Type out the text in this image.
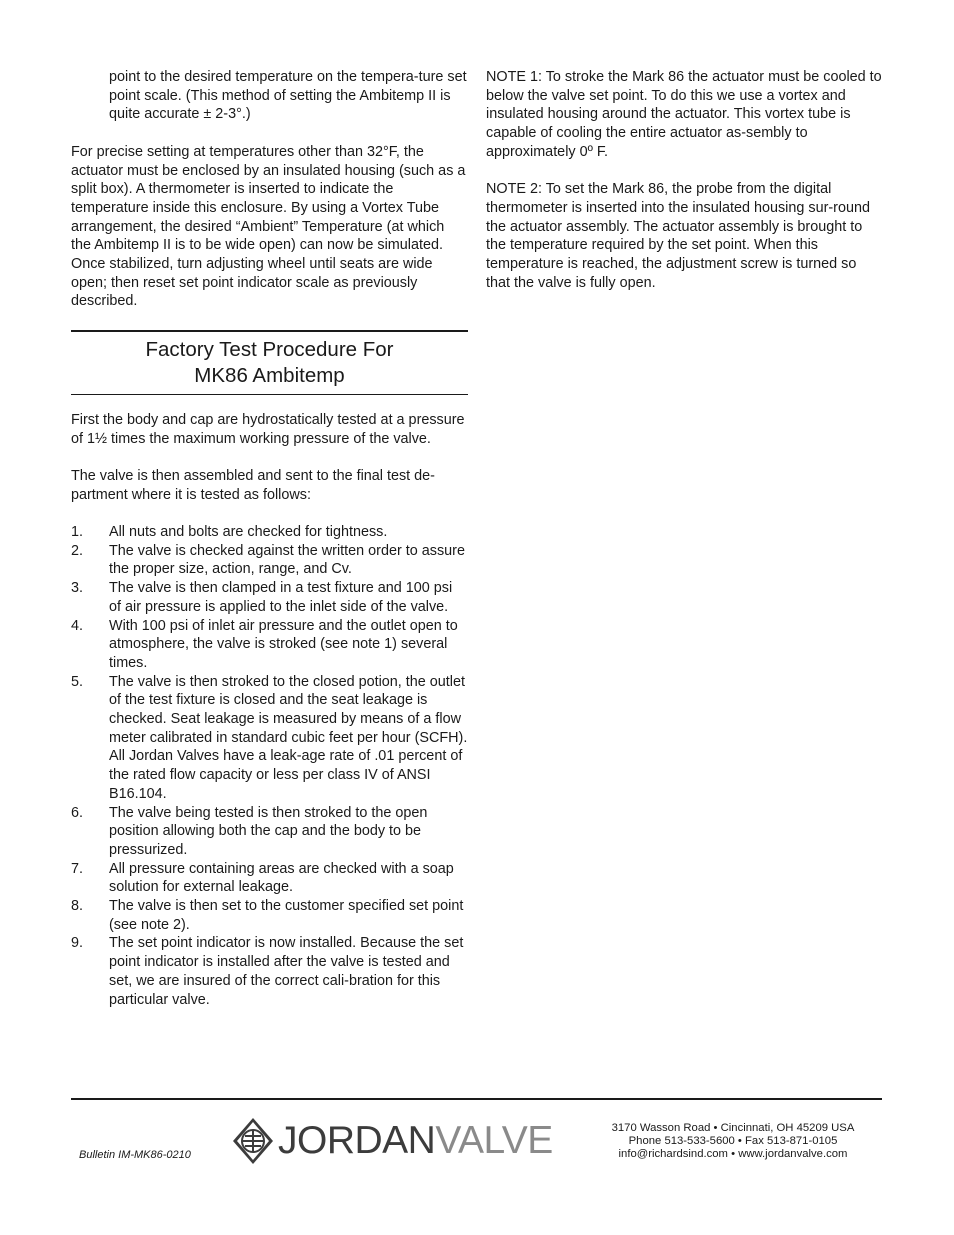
point to the desired temperature on the tempera-ture set point scale. (This method of setting the Ambitemp II is quite accurate ± 2-3°.)

For precise setting at temperatures other than 32°F, the actuator must be enclosed by an insulated housing (such as a split box). A thermometer is inserted to indicate the temperature inside this enclosure. By using a Vortex Tube arrangement, the desired “Ambient” Temperature (at which the Ambitemp II is to be wide open) can now be simulated. Once stabilized, turn adjusting wheel until seats are wide open; then reset set point indicator scale as previously described.

Factory Test Procedure For
MK86 Ambitemp

First the body and cap are hydrostatically tested at a pressure of 1½ times the maximum working pressure of the valve.

The valve is then assembled and sent to the final test de-partment where it is tested as follows:

1. All nuts and bolts are checked for tightness.
2. The valve is checked against the written order to assure the proper size, action, range, and Cv.
3. The valve is then clamped in a test fixture and 100 psi of air pressure is applied to the inlet side of the valve.
4. With 100 psi of inlet air pressure and the outlet open to atmosphere, the valve is stroked (see note 1) several times.
5. The valve is then stroked to the closed potion, the outlet of the test fixture is closed and the seat leakage is checked. Seat leakage is measured by means of a flow meter calibrated in standard cubic feet per hour (SCFH). All Jordan Valves have a leak-age rate of .01 percent of the rated flow capacity or less per class IV of ANSI B16.104.
6. The valve being tested is then stroked to the open position allowing both the cap and the body to be pressurized.
7. All pressure containing areas are checked with a soap solution for external leakage.
8. The valve is then set to the customer specified set point (see note 2).
9. The set point indicator is now installed. Because the set point indicator is installed after the valve is tested and set, we are insured of the correct cali-bration for this particular valve.

NOTE 1: To stroke the Mark 86 the actuator must be cooled to below the valve set point. To do this we use a vortex and insulated housing around the actuator. This vortex tube is capable of cooling the entire actuator as-sembly to approximately 0º F.

NOTE 2: To set the Mark 86, the probe from the digital thermometer is inserted into the insulated housing sur-round the actuator assembly. The actuator assembly is brought to the temperature required by the set point. When this temperature is reached, the adjustment screw is turned so that the valve is fully open.

Bulletin IM-MK86-0210 JORDANVALVE	3170 Wasson Road • Cincinnati, OH 45209 USA
Phone 513-533-5600 • Fax 513-871-0105
info@richardsind.com • www.jordanvalve.com
